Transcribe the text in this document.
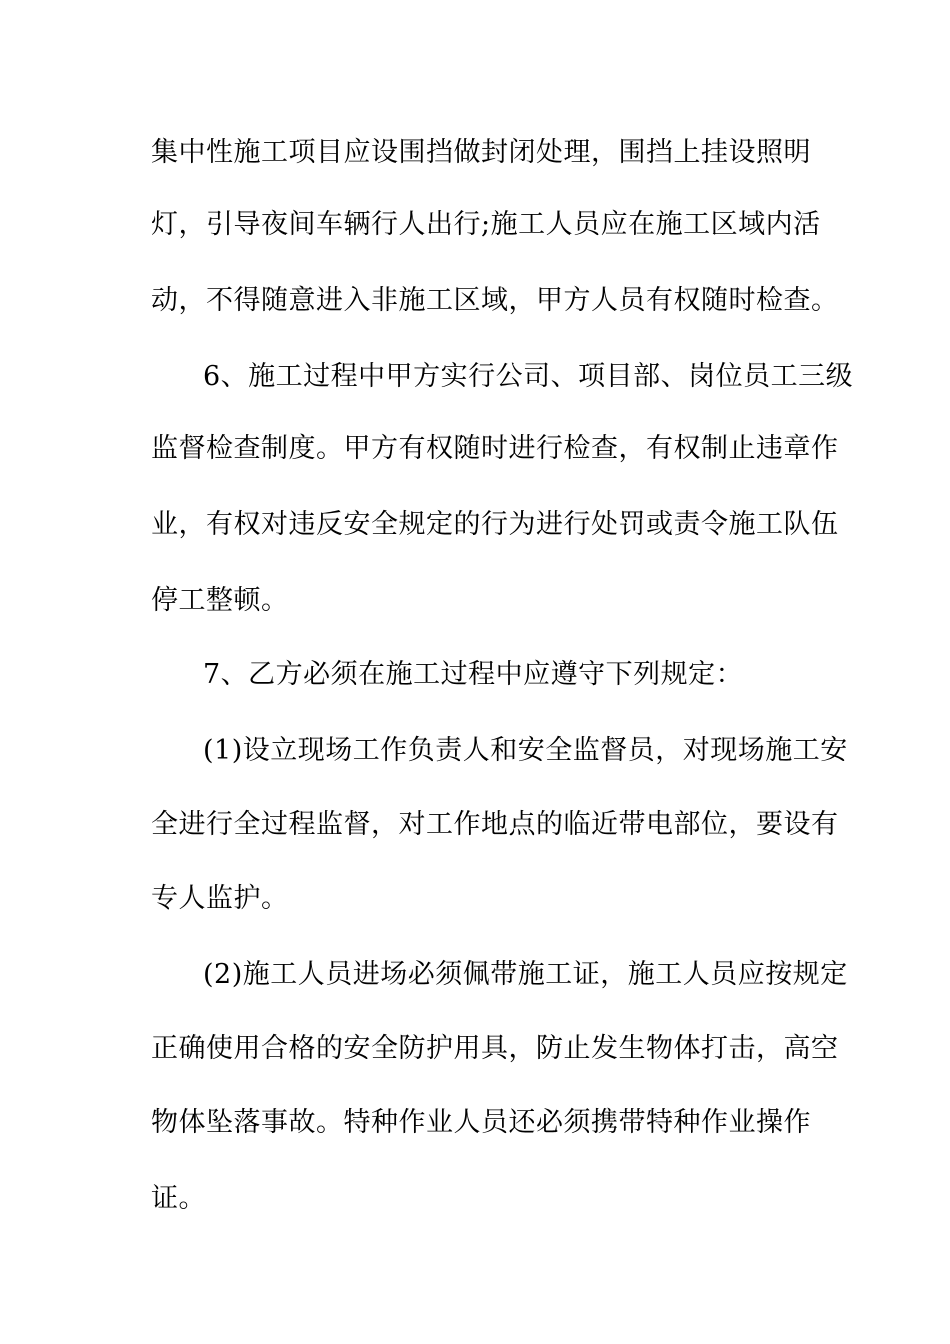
集中性施工项目应设围挡做封闭处理，围挡上挂设照明
灯，引导夜间车辆行人出行;施工人员应在施工区域内活
动，不得随意进入非施工区域，甲方人员有权随时检查。
6、施工过程中甲方实行公司、项目部、岗位员工三级
监督检查制度。甲方有权随时进行检查，有权制止违章作
业，有权对违反安全规定的行为进行处罚或责令施工队伍
停工整顿。
7、乙方必须在施工过程中应遵守下列规定：
(1)设立现场工作负责人和安全监督员，对现场施工安
全进行全过程监督，对工作地点的临近带电部位，要设有
专人监护。
(2)施工人员进场必须佩带施工证，施工人员应按规定
正确使用合格的安全防护用具，防止发生物体打击，高空
物体坠落事故。特种作业人员还必须携带特种作业操作
证。
